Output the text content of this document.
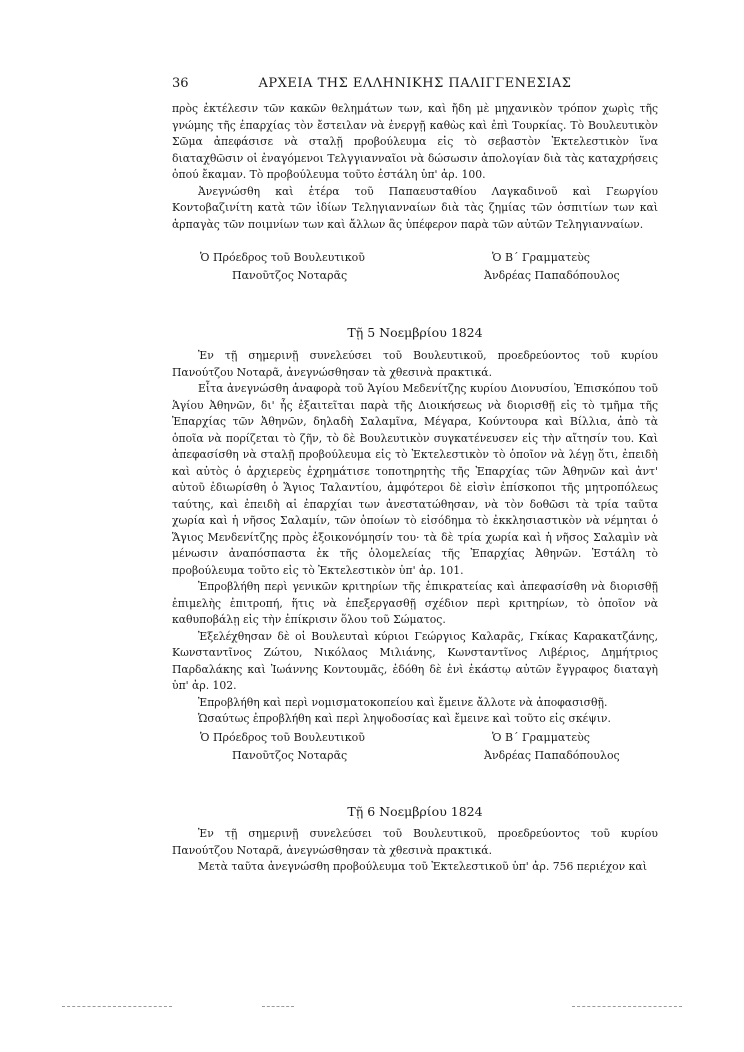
36	ΑΡΧΕΙΑ ΤΗΣ ΕΛΛΗΝΙΚΗΣ ΠΑΛΙΓΓΕΝΕΣΙΑΣ

πρὸς ἐκτέλεσιν τῶν κακῶν θελημάτων των, καὶ ἤδη μὲ μηχανικὸν τρόπον χωρὶς τῆς γνώμης τῆς ἐπαρχίας τὸν ἔστειλαν νὰ ἐνεργῇ καθὼς καὶ ἐπὶ Τουρκίας. Τὸ Βουλευτικὸν Σῶμα ἀπεφάσισε νὰ σταλῇ προβούλευμα εἰς τὸ σεβαστὸν Ἐκτελεστικὸν ἵνα διαταχθῶσιν οἱ ἐναγόμενοι Τελγγιανναῖοι νὰ δώσωσιν ἀπολογίαν διὰ τὰς καταχρήσεις ὁπού ἔκαμαν. Τὸ προβούλευμα τοῦτο ἐστάλη ὑπ' ἀρ. 100.

Ἀνεγνώσθη καὶ ἑτέρα τοῦ Παπαευσταθίου Λαγκαδινοῦ καὶ Γεωργίου Κοντοβαζινίτη κατὰ τῶν ἰδίων Τεληγιανναίων διὰ τὰς ζημίας τῶν ὀσπιτίων των καὶ ἁρπαγὰς τῶν ποιμνίων των καὶ ἄλλων ἃς ὑπέφερον παρὰ τῶν αὐτῶν Τεληγιανναίων.

Ὁ Πρόεδρος τοῦ Βουλευτικοῦ
Πανοῦτζος Νοταρᾶς
Ὁ Β΄ Γραμματεὺς
Ἀνδρέας Παπαδόπουλος
Τῇ 5 Νοεμβρίου 1824

Ἐν τῇ σημερινῇ συνελεύσει τοῦ Βουλευτικοῦ, προεδρεύοντος τοῦ κυρίου Πανούτζου Νοταρᾶ, ἀνεγνώσθησαν τὰ χθεσινὰ πρακτικά.

Εἶτα ἀνεγνώσθη ἀναφορὰ τοῦ Ἁγίου Μεδενίτζης κυρίου Διονυσίου, Ἐπισκόπου τοῦ Ἁγίου Ἀθηνῶν, δι' ἧς ἐξαιτεῖται παρὰ τῆς Διοικήσεως νὰ διορισθῇ εἰς τὸ τμῆμα τῆς Ἐπαρχίας τῶν Ἀθηνῶν, δηλαδὴ Σαλαμῖνα, Μέγαρα, Κούντουρα καὶ Βίλλια, ἀπὸ τὰ ὁποῖα νὰ πορίζεται τὸ ζῆν, τὸ δὲ Βουλευτικὸν συγκατένευσεν εἰς τὴν αἴτησίν του. Καὶ ἀπεφασίσθη νὰ σταλῇ προβούλευμα εἰς τὸ Ἐκτελεστικὸν τὸ ὁποῖον νὰ λέγῃ ὅτι, ἐπειδὴ καὶ αὐτὸς ὁ ἀρχιερεὺς ἐχρημάτισε τοποτηρητὴς τῆς Ἐπαρχίας τῶν Ἀθηνῶν καὶ ἀντ' αὐτοῦ ἐδιωρίσθη ὁ Ἅγιος Ταλαντίου, ἀμφότεροι δὲ εἰσὶν ἐπίσκοποι τῆς μητροπόλεως ταύτης, καὶ ἐπειδὴ αἱ ἐπαρχίαι των ἀνεστατώθησαν, νὰ τὸν δοθῶσι τὰ τρία ταῦτα χωρία καὶ ἡ νῆσος Σαλαμίν, τῶν ὁποίων τὸ εἰσόδημα τὸ ἐκκλησιαστικὸν νὰ νέμηται ὁ Ἅγιος Μενδενίτζης πρὸς ἐξοικονόμησίν του· τὰ δὲ τρία χωρία καὶ ἡ νῆσος Σαλαμὶν νὰ μένωσιν ἀναπόσπαστα ἐκ τῆς ὁλομελείας τῆς Ἐπαρχίας Ἀθηνῶν. Ἐστάλη τὸ προβούλευμα τοῦτο εἰς τὸ Ἐκτελεστικὸν ὑπ' ἀρ. 101.

Ἐπροβλήθη περὶ γενικῶν κριτηρίων τῆς ἐπικρατείας καὶ ἀπεφασίσθη νὰ διορισθῇ ἐπιμελὴς ἐπιτροπή, ἥτις νὰ ἐπεξεργασθῇ σχέδιον περὶ κριτηρίων, τὸ ὁποῖον νὰ καθυποβάλῃ εἰς τὴν ἐπίκρισιν ὅλου τοῦ Σώματος.

Ἐξελέχθησαν δὲ οἱ Βουλευταὶ κύριοι Γεώργιος Καλαρᾶς, Γκίκας Καρακατζάνης, Κωνσταντῖνος Ζώτου, Νικόλαος Μιλιάνης, Κωνσταντῖνος Λιβέριος, Δημήτριος Παρδαλάκης καὶ Ἰωάννης Κοντουμᾶς, ἐδόθη δὲ ἑνὶ ἑκάστῳ αὐτῶν ἔγγραφος διαταγὴ ὑπ' ἀρ. 102.

Ἐπροβλήθη καὶ περὶ νομισματοκοπείου καὶ ἔμεινε ἄλλοτε νὰ ἀποφασισθῇ.

Ὡσαύτως ἐπροβλήθη καὶ περὶ ληψοδοσίας καὶ ἔμεινε καὶ τοῦτο εἰς σκέψιν.

Ὁ Πρόεδρος τοῦ Βουλευτικοῦ
Πανοῦτζος Νοταρᾶς
Ὁ Β΄ Γραμματεὺς
Ἀνδρέας Παπαδόπουλος
Τῇ 6 Νοεμβρίου 1824

Ἐν τῇ σημερινῇ συνελεύσει τοῦ Βουλευτικοῦ, προεδρεύοντος τοῦ κυρίου Πανούτζου Νοταρᾶ, ἀνεγνώσθησαν τὰ χθεσινὰ πρακτικά.

Μετὰ ταῦτα ἀνεγνώσθη προβούλευμα τοῦ Ἐκτελεστικοῦ ὑπ' ἀρ. 756 περιέχον καὶ
